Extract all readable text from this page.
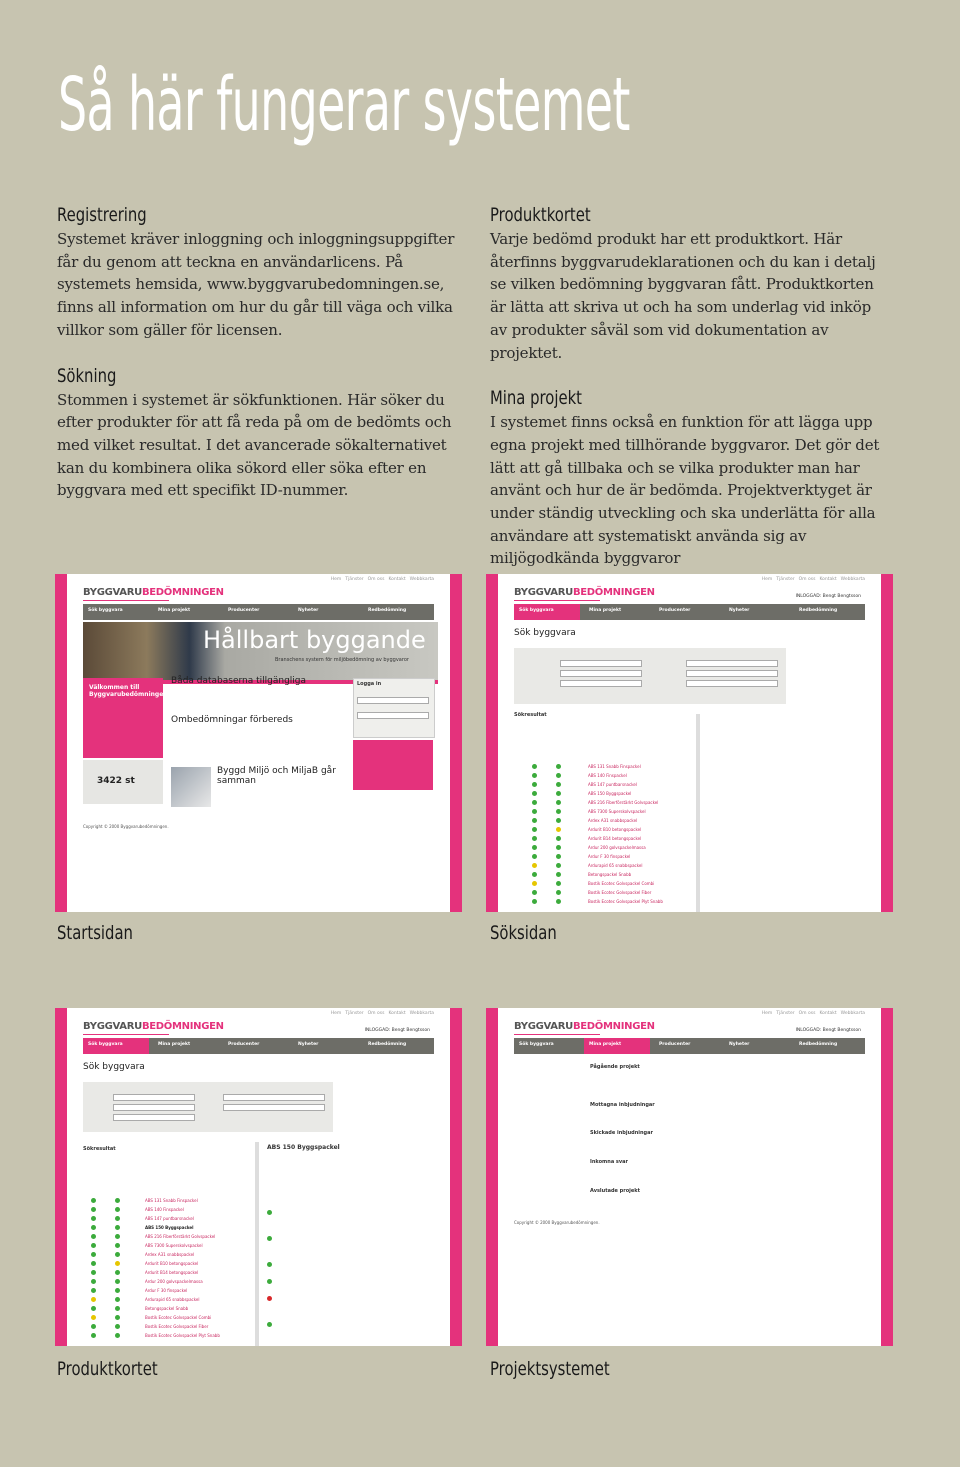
Så här fungerar systemet
Registrering

Systemet kräver inloggning och inloggningsuppgifter får du genom att teckna en användarlicens. På systemets hemsida, www.byggvarubedomningen.se, finns all information om hur du går till väga och vilka villkor som gäller för licensen.

Sökning

Stommen i systemet är sökfunktionen. Här söker du efter produkter för att få reda på om de bedömts och med vilket resultat. I det avancerade sökalternativet kan du kombinera olika sökord eller söka efter en byggvara med ett specifikt ID-nummer.

Produktkortet

Varje bedömd produkt har ett produktkort. Här återfinns byggvarudeklarationen och du kan i detalj se vilken bedömning byggvaran fått. Produktkorten är lätta att skriva ut och ha som underlag vid inköp av produkter såväl som vid dokumentation av projektet.

Mina projekt

I systemet finns också en funktion för att lägga upp egna projekt med tillhörande byggvaror. Det gör det lätt att gå tillbaka och se vilka produkter man har använt och hur de är bedömda. Projektverktyget är under ständig utveckling och ska underlätta för alla användare att systematiskt använda sig av miljögodkända byggvaror

Hem Tjänster Om oss Kontakt Webbkarta
BYGGVARUBEDÖMNINGEN
Sök byggvara	Mina projekt	Producenter	Nyheter	Redbedömning
Hållbart byggande
Branschens system för miljöbedömning av byggvaror
Välkommen till Byggvarubedömningen
3422 st
Båda databaserna tillgängliga
Ombedömningar förbereds
Byggd Miljö och MiljaB går samman
Logga in
Copyright © 2000 Byggvarubedömningen.
Hem Tjänster Om oss Kontakt Webbkarta
BYGGVARUBEDÖMNINGEN	INLOGGAD: Bengt Bengtsson
Sök byggvara	Mina projekt	Producenter	Nyheter	Redbedömning
Sök byggvara
Sökresultat
ABS 131 Snabb Finspackel
ABS 140 Finspackel
ABS 147 puntbarsnackel
ABS 150 Byggspackel
ABS 216 Fiberförstärkt Golvspackel
ABS 7300 Superskolvspackel
Ardex A31 snabbspackel
Ardurit B10 betongspackel
Ardurit B14 betongspackel
Ardur 200 golvspackelmassa
Ardur F 30 finspackel
Ardurapid 65 snabbspackel
Betongspackel Snabb
Bostik Ecotec Golvspackel Combi
Bostik Ecotec Golvspackel Fiber
Bostik Ecotec Golvspackel Plyt Snabb
Startsidan	Söksidan
Hem Tjänster Om oss Kontakt Webbkarta
BYGGVARUBEDÖMNINGEN	INLOGGAD: Bengt Bengtsson
Sök byggvara	Mina projekt	Producenter	Nyheter	Redbedömning
Sök byggvara
Sökresultat
ABS 131 Snabb Finspackel
ABS 140 Finspackel
ABS 147 puntbarsnackel
ABS 150 Byggspackel
ABS 216 Fiberförstärkt Golvspackel
ABS 7300 Superskolvspackel
Ardex A31 snabbspackel
Ardurit B10 betongspackel
Ardurit B14 betongspackel
Ardur 200 golvspackelmassa
Ardur F 30 finspackel
Ardurapid 65 snabbspackel
Betongspackel Snabb
Bostik Ecotec Golvspackel Combi
Bostik Ecotec Golvspackel Fiber
Bostik Ecotec Golvspackel Plyt Snabb
ABS 150 Byggspackel
Hem Tjänster Om oss Kontakt Webbkarta
BYGGVARUBEDÖMNINGEN	INLOGGAD: Bengt Bengtsson
Sök byggvara	Mina projekt	Producenter	Nyheter	Redbedömning
Pågående projekt
Mottagna inbjudningar
Skickade inbjudningar
Inkomna svar
Avslutade projekt
Copyright © 2000 Byggvarubedömningen.
Produktkortet	Projektsystemet
